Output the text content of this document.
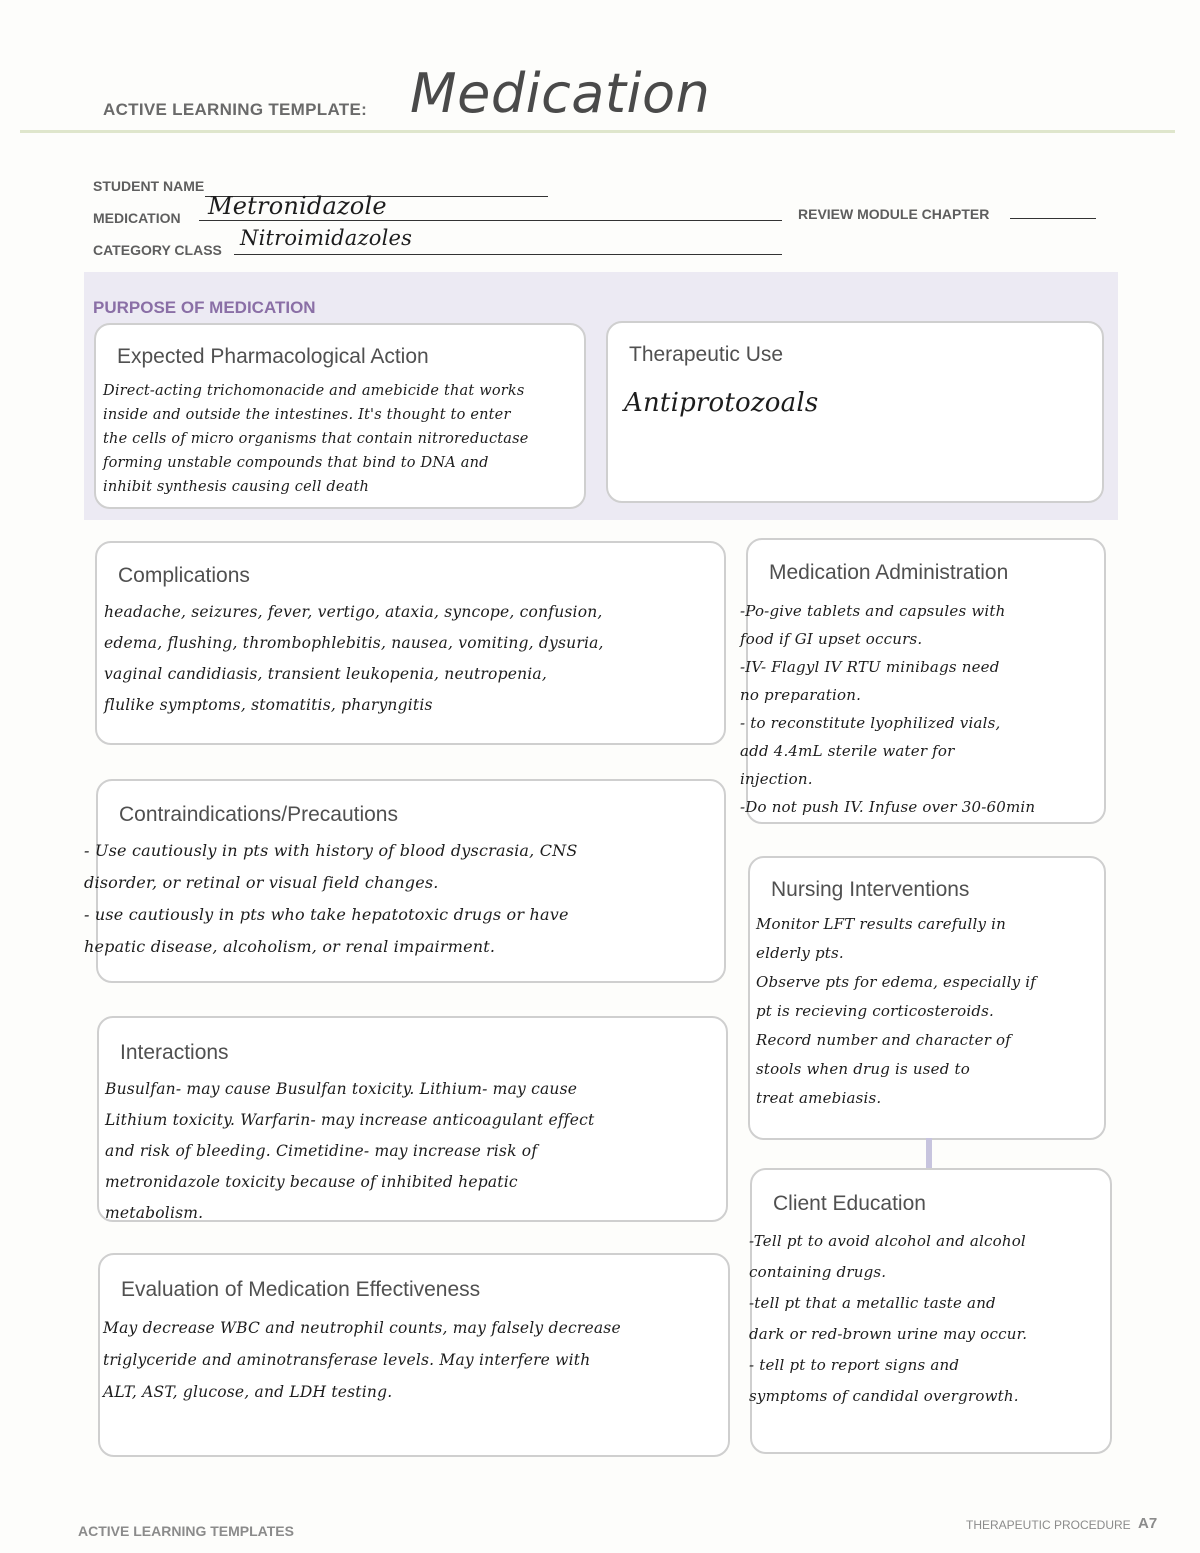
ACTIVE LEARNING TEMPLATE: Medication
STUDENT NAME
MEDICATION Metronidazole	REVIEW MODULE CHAPTER
CATEGORY CLASS Nitroimidazoles
PURPOSE OF MEDICATION
Expected Pharmacological Action
Direct-acting trichomonacide and amebicide that works
inside and outside the intestines. It's thought to enter
the cells of micro organisms that contain nitroreductase
forming unstable compounds that bind to DNA and
inhibit synthesis causing cell death
Therapeutic Use
Antiprotozoals
Complications
headache, seizures, fever, vertigo, ataxia, syncope, confusion,
edema, flushing, thrombophlebitis, nausea, vomiting, dysuria,
vaginal candidiasis, transient leukopenia, neutropenia,
flulike symptoms, stomatitis, pharyngitis
Medication Administration
-Po-give tablets and capsules with
food if GI upset occurs.
-IV- Flagyl IV RTU minibags need
no preparation.
- to reconstitute lyophilized vials,
add 4.4mL sterile water for
injection.
-Do not push IV. Infuse over 30-60min
Contraindications/Precautions
- Use cautiously in pts with history of blood dyscrasia, CNS
disorder, or retinal or visual field changes.
- use cautiously in pts who take hepatotoxic drugs or have
hepatic disease, alcoholism, or renal impairment.
Nursing Interventions
Monitor LFT results carefully in
elderly pts.
Observe pts for edema, especially if
pt is recieving corticosteroids.
Record number and character of
stools when drug is used to
treat amebiasis.
Interactions
Busulfan- may cause Busulfan toxicity. Lithium- may cause
Lithium toxicity. Warfarin- may increase anticoagulant effect
and risk of bleeding. Cimetidine- may increase risk of
metronidazole toxicity because of inhibited hepatic
metabolism.	Client Education
-Tell pt to avoid alcohol and alcohol
containing drugs.
-tell pt that a metallic taste and
dark or red-brown urine may occur.
- tell pt to report signs and
symptoms of candidal overgrowth.
Evaluation of Medication Effectiveness
May decrease WBC and neutrophil counts, may falsely decrease
triglyceride and aminotransferase levels. May interfere with
ALT, AST, glucose, and LDH testing.
ACTIVE LEARNING TEMPLATES	THERAPEUTIC PROCEDURE A7
